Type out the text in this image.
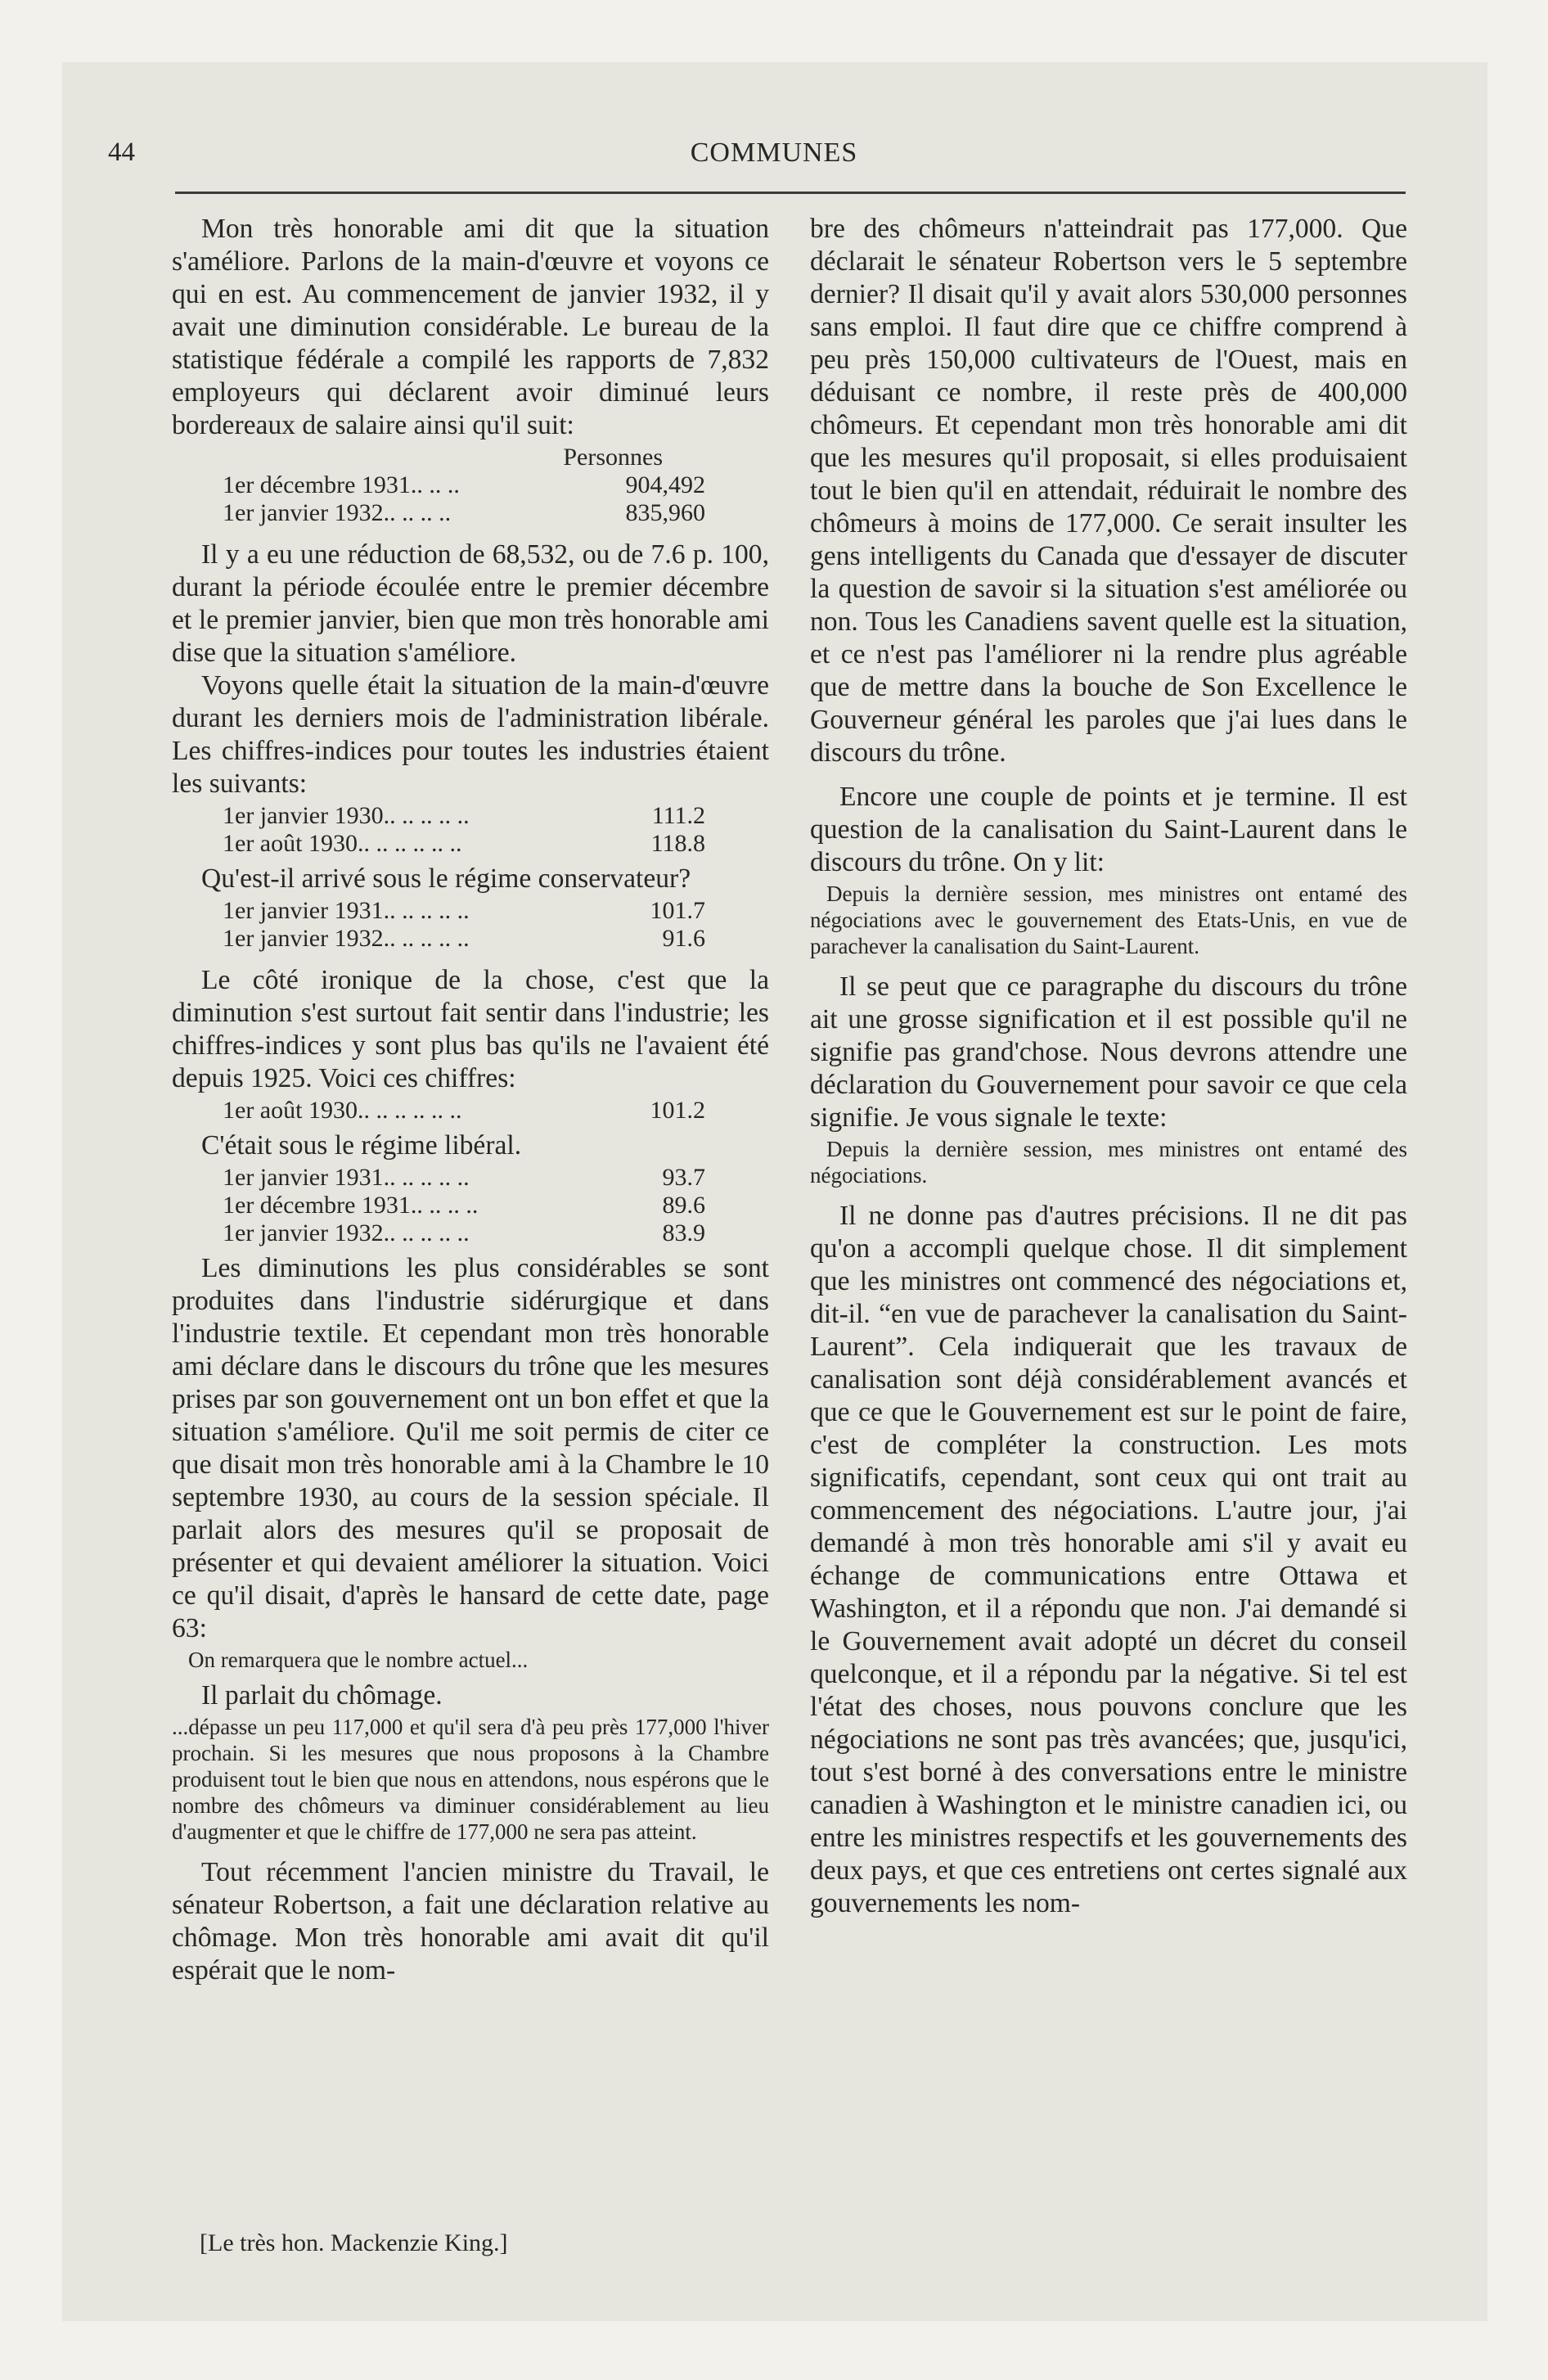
44	COMMUNES

Mon très honorable ami dit que la situation s'améliore. Parlons de la main-d'œuvre et voyons ce qui en est. Au commencement de janvier 1932, il y avait une diminution considérable. Le bureau de la statistique fédérale a compilé les rapports de 7,832 employeurs qui déclarent avoir diminué leurs bordereaux de salaire ainsi qu'il suit:

Personnes
1er décembre 1931.. .. ..	904,492
1er janvier 1932.. .. .. ..	835,960

Il y a eu une réduction de 68,532, ou de 7.6 p. 100, durant la période écoulée entre le premier décembre et le premier janvier, bien que mon très honorable ami dise que la situation s'améliore.

Voyons quelle était la situation de la main-d'œuvre durant les derniers mois de l'administration libérale. Les chiffres-indices pour toutes les industries étaient les suivants:

1er janvier 1930.. .. .. .. ..	111.2
1er août 1930.. .. .. .. .. ..	118.8

Qu'est-il arrivé sous le régime conservateur?

1er janvier 1931.. .. .. .. ..	101.7
1er janvier 1932.. .. .. .. ..	91.6

Le côté ironique de la chose, c'est que la diminution s'est surtout fait sentir dans l'industrie; les chiffres-indices y sont plus bas qu'ils ne l'avaient été depuis 1925. Voici ces chiffres:

1er août 1930.. .. .. .. .. ..	101.2

C'était sous le régime libéral.

1er janvier 1931.. .. .. .. ..	93.7
1er décembre 1931.. .. .. ..	89.6
1er janvier 1932.. .. .. .. ..	83.9

Les diminutions les plus considérables se sont produites dans l'industrie sidérurgique et dans l'industrie textile. Et cependant mon très honorable ami déclare dans le discours du trône que les mesures prises par son gouvernement ont un bon effet et que la situation s'améliore. Qu'il me soit permis de citer ce que disait mon très honorable ami à la Chambre le 10 septembre 1930, au cours de la session spéciale. Il parlait alors des mesures qu'il se proposait de présenter et qui devaient améliorer la situation. Voici ce qu'il disait, d'après le hansard de cette date, page 63:

On remarquera que le nombre actuel...

Il parlait du chômage.

...dépasse un peu 117,000 et qu'il sera d'à peu près 177,000 l'hiver prochain. Si les mesures que nous proposons à la Chambre produisent tout le bien que nous en attendons, nous espérons que le nombre des chômeurs va diminuer considérablement au lieu d'augmenter et que le chiffre de 177,000 ne sera pas atteint.

Tout récemment l'ancien ministre du Travail, le sénateur Robertson, a fait une déclaration relative au chômage. Mon très honorable ami avait dit qu'il espérait que le nom-

bre des chômeurs n'atteindrait pas 177,000. Que déclarait le sénateur Robertson vers le 5 septembre dernier? Il disait qu'il y avait alors 530,000 personnes sans emploi. Il faut dire que ce chiffre comprend à peu près 150,000 cultivateurs de l'Ouest, mais en déduisant ce nombre, il reste près de 400,000 chômeurs. Et cependant mon très honorable ami dit que les mesures qu'il proposait, si elles produisaient tout le bien qu'il en attendait, réduirait le nombre des chômeurs à moins de 177,000. Ce serait insulter les gens intelligents du Canada que d'essayer de discuter la question de savoir si la situation s'est améliorée ou non. Tous les Canadiens savent quelle est la situation, et ce n'est pas l'améliorer ni la rendre plus agréable que de mettre dans la bouche de Son Excellence le Gouverneur général les paroles que j'ai lues dans le discours du trône.

Encore une couple de points et je termine. Il est question de la canalisation du Saint-Laurent dans le discours du trône. On y lit:

Depuis la dernière session, mes ministres ont entamé des négociations avec le gouvernement des Etats-Unis, en vue de parachever la canalisation du Saint-Laurent.

Il se peut que ce paragraphe du discours du trône ait une grosse signification et il est possible qu'il ne signifie pas grand'chose. Nous devrons attendre une déclaration du Gouvernement pour savoir ce que cela signifie. Je vous signale le texte:

Depuis la dernière session, mes ministres ont entamé des négociations.

Il ne donne pas d'autres précisions. Il ne dit pas qu'on a accompli quelque chose. Il dit simplement que les ministres ont commencé des négociations et, dit-il. “en vue de parachever la canalisation du Saint-Laurent”. Cela indiquerait que les travaux de canalisation sont déjà considérablement avancés et que ce que le Gouvernement est sur le point de faire, c'est de compléter la construction. Les mots significatifs, cependant, sont ceux qui ont trait au commencement des négociations. L'autre jour, j'ai demandé à mon très honorable ami s'il y avait eu échange de communications entre Ottawa et Washington, et il a répondu que non. J'ai demandé si le Gouvernement avait adopté un décret du conseil quelconque, et il a répondu par la négative. Si tel est l'état des choses, nous pouvons conclure que les négociations ne sont pas très avancées; que, jusqu'ici, tout s'est borné à des conversations entre le ministre canadien à Washington et le ministre canadien ici, ou entre les ministres respectifs et les gouvernements des deux pays, et que ces entretiens ont certes signalé aux gouvernements les nom-

[Le très hon. Mackenzie King.]
